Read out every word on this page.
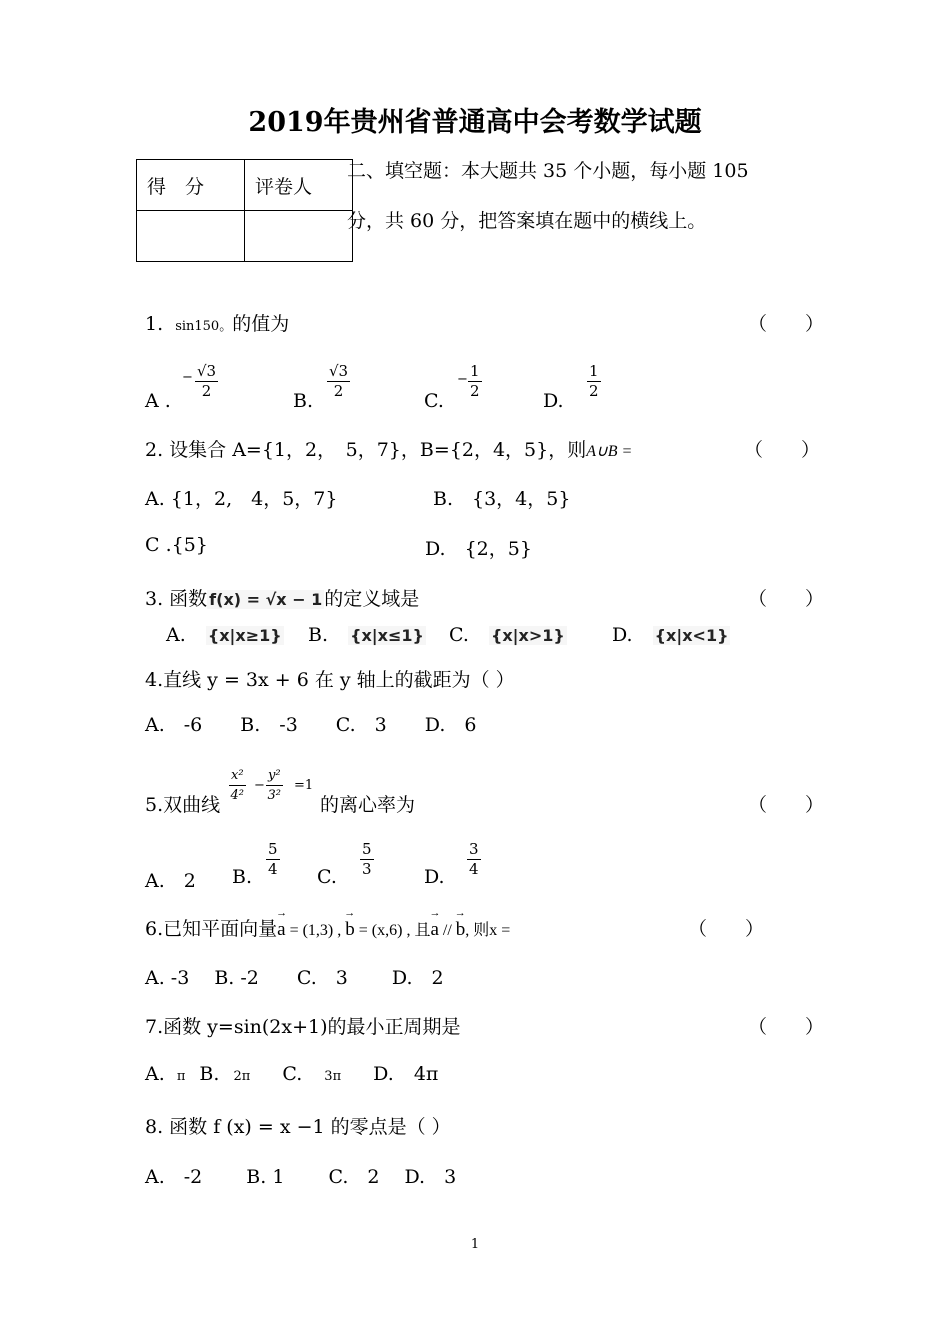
2019年贵州省普通高中会考数学试题
得　分	评卷人

二、填空题：本大题共 35 个小题，每小题 105
分，共 60 分，把答案填在题中的横线上。
1. sin150。的值为	（　　）
A .
− $\frac{√3}{2}$	B. $\frac{√3}{2}$	C.
− $\frac{1}{2}$	D. $\frac{1}{2}$
2. 设集合 A={1，2，　5，7}，B={2，4，5}，则A∪B =	（　　）
A. {1，2,　4，5，7}	B.　{3，4，5}
C .{5}	D.　{2，5}
3. 函数 f(x) = √x − 1 的定义域是	（　　）
A. {x|x≥1} B. {x|x≤1} C. {x|x>1} D. {x|x<1}
4.直线 y = 3x + 6 在 y 轴上的截距为（ ）
A.　-6　　B.　-3　　C.　3　　D.　6
5.双曲线 $\frac{\text{x²}}{\text{4²}} - \frac{\text{y²}}{\text{3²}} =1$
的离心率为	（　　）
A.　2 B. $\frac{5}{4} C$. $\frac{5}{3}$	D. $\frac{3}{4}$
6.已知平面向量→ a = (1,3) , → b = (x,6) , 且→ a // → b, 则x =	（　　）
A. -3　 B. -2　　C.　3　　 D.　2
7.函数 y=sin(2x+1)的最小正周期是	（　　）
A. π B. 2π C. 3π D. 4π
8. 函数 f (x) = x −1 的零点是（ ）
A.　-2　　 B. 1　　 C.　2　 D.　3
1
